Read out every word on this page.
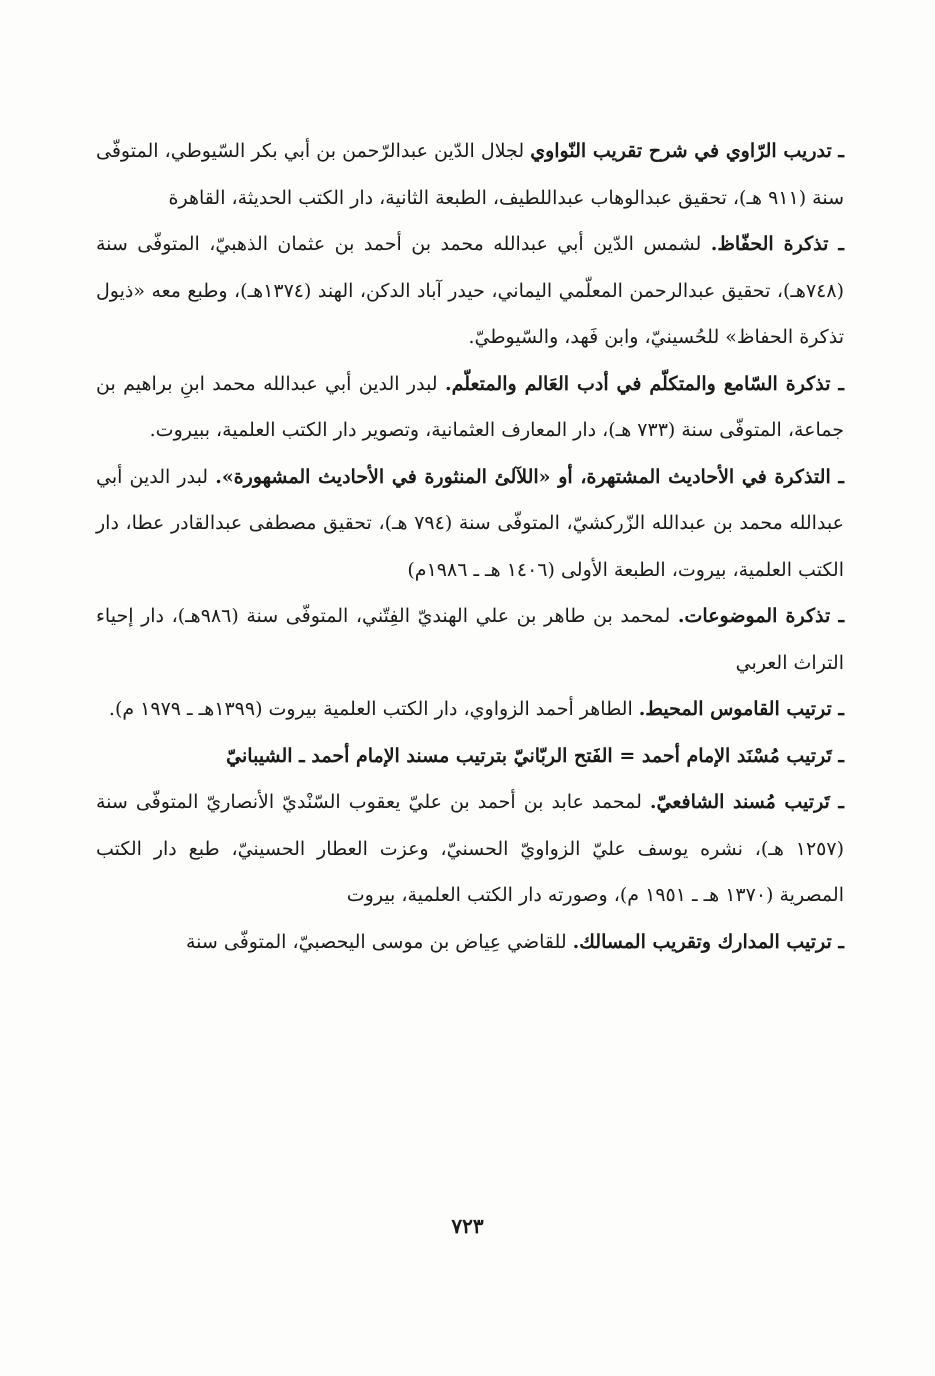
ـ تدريب الرّاوي في شرح تقريب النّواوي لجلال الدّين عبدالرّحمن بن أبي بكر السّيوطي، المتوفّى سنة (٩١١ هـ)، تحقيق عبدالوهاب عبداللطيف، الطبعة الثانية، دار الكتب الحديثة، القاهرة

ـ تذكرة الحفّاظ. لشمس الدّين أبي عبدالله محمد بن أحمد بن عثمان الذهبيّ، المتوفّى سنة (٧٤٨هـ)، تحقيق عبدالرحمن المعلّمي اليماني، حيدر آباد الدكن، الهند (١٣٧٤هـ)، وطبع معه «ذيول تذكرة الحفاظ» للحُسينيّ، وابن فَهد، والسّيوطيّ.

ـ تذكرة السّامع والمتكلّم في أدب العَالم والمتعلّم. لبدر الدين أبي عبدالله محمد ابنِ براهيم بن جماعة، المتوفّى سنة (٧٣٣ هـ)، دار المعارف العثمانية، وتصوير دار الكتب العلمية، ببيروت.

ـ التذكرة في الأحاديث المشتهرة، أو «اللآلئ المنثورة في الأحاديث المشهورة». لبدر الدين أبي عبدالله محمد بن عبدالله الزّركشيّ، المتوفّى سنة (٧٩٤ هـ)، تحقيق مصطفى عبدالقادر عطا، دار الكتب العلمية، بيروت، الطبعة الأولى (١٤٠٦ هـ ـ ١٩٨٦م)

ـ تذكرة الموضوعات. لمحمد بن طاهر بن علي الهنديّ الفِتّني، المتوفّى سنة (٩٨٦هـ)، دار إحياء التراث العربي

ـ ترتيب القاموس المحيط. الطاهر أحمد الزواوي، دار الكتب العلمية بيروت (١٣٩٩هـ ـ ١٩٧٩ م).

ـ تَرتيب مُسْنَد الإمام أحمد = الفَتح الربّانيّ بترتيب مسند الإمام أحمد ـ الشيبانيّ

ـ تَرتيب مُسند الشافعيّ. لمحمد عابد بن أحمد بن عليّ يعقوب السّنْديّ الأنصاريّ المتوفّى سنة (١٢٥٧ هـ)، نشره يوسف عليّ الزواويّ الحسنيّ، وعزت العطار الحسينيّ، طبع دار الكتب المصرية (١٣٧٠ هـ ـ ١٩٥١ م)، وصورته دار الكتب العلمية، بيروت

ـ ترتيب المدارك وتقريب المسالك. للقاضي عِياض بن موسى اليحصبيّ، المتوفّى سنة

٧٢٣
